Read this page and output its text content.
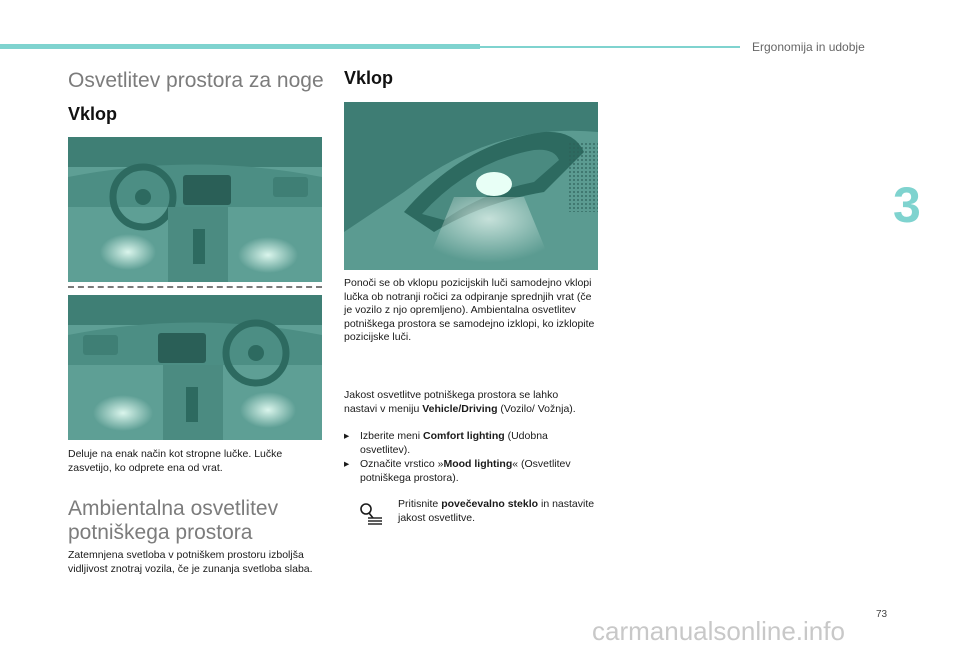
Ergonomija in udobje
3
Osvetlitev prostora za noge
Vklop
Deluje na enak način kot stropne lučke. Lučke zasvetijo, ko odprete ena od vrat.
Ambientalna osvetlitev
potniškega prostora
Zatemnjena svetloba v potniškem prostoru izboljša vidljivost znotraj vozila, če je zunanja svetloba slaba.
Vklop
Ponoči se ob vklopu pozicijskih luči samodejno vklopi lučka ob notranji ročici za odpiranje sprednjih vrat (če je vozilo z njo opremljeno). Ambientalna osvetlitev potniškega prostora se samodejno izklopi, ko izklopite pozicijske luči.
Jakost osvetlitve potniškega prostora se lahko nastavi v meniju Vehicle/Driving (Vozilo/ Vožnja).
▸	Izberite meni Comfort lighting (Udobna osvetlitev).
▸	Označite vrstico »Mood lighting« (Osvetlitev potniškega prostora).
Pritisnite povečevalno steklo in nastavite jakost osvetlitve.
73
carmanualsonline.info
